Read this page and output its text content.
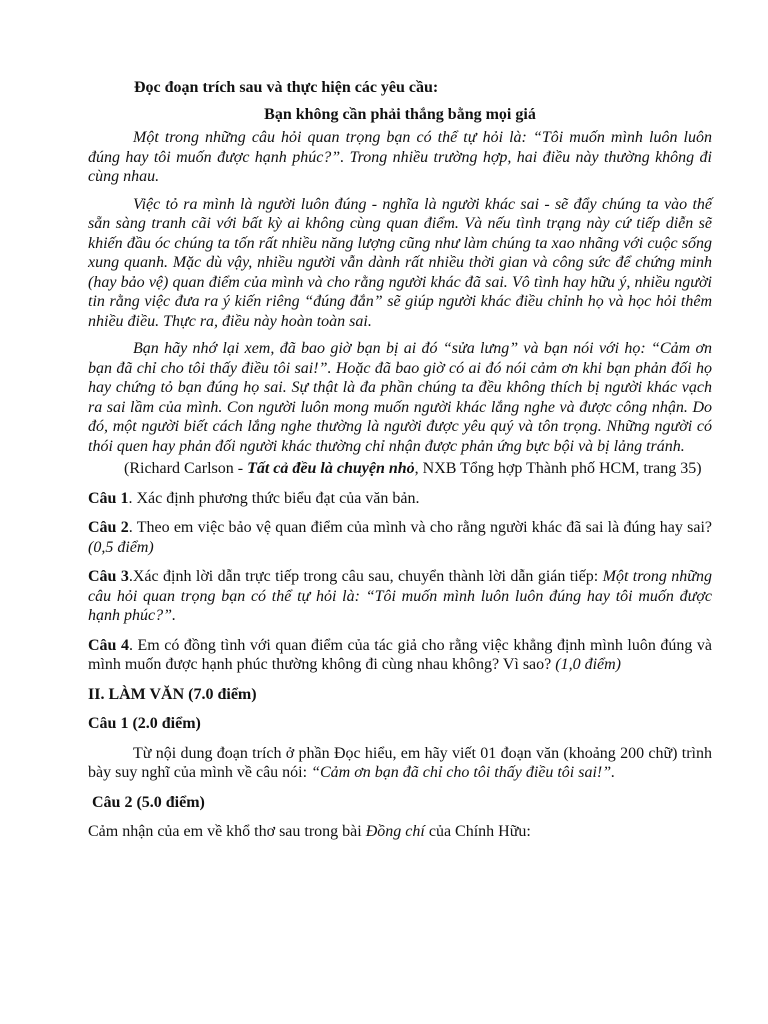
Đọc đoạn trích sau và thực hiện các yêu cầu:

Bạn không cần phải thắng bằng mọi giá

Một trong những câu hỏi quan trọng bạn có thể tự hỏi là: “Tôi muốn mình luôn luôn đúng hay tôi muốn được hạnh phúc?”. Trong nhiều trường hợp, hai điều này thường không đi cùng nhau.

Việc tỏ ra mình là người luôn đúng - nghĩa là người khác sai - sẽ đẩy chúng ta vào thế sẵn sàng tranh cãi với bất kỳ ai không cùng quan điểm. Và nếu tình trạng này cứ tiếp diễn sẽ khiến đầu óc chúng ta tốn rất nhiều năng lượng cũng như làm chúng ta xao nhãng với cuộc sống xung quanh. Mặc dù vậy, nhiều người vẫn dành rất nhiều thời gian và công sức để chứng minh (hay bảo vệ) quan điểm của mình và cho rằng người khác đã sai. Vô tình hay hữu ý, nhiều người tin rằng việc đưa ra ý kiến riêng “đúng đắn” sẽ giúp người khác điều chỉnh họ và học hỏi thêm nhiều điều. Thực ra, điều này hoàn toàn sai.

Bạn hãy nhớ lại xem, đã bao giờ bạn bị ai đó “sửa lưng” và bạn nói với họ: “Cảm ơn bạn đã chỉ cho tôi thấy điều tôi sai!”. Hoặc đã bao giờ có ai đó nói cảm ơn khi bạn phản đối họ hay chứng tỏ bạn đúng họ sai. Sự thật là đa phần chúng ta đều không thích bị người khác vạch ra sai lầm của mình. Con người luôn mong muốn người khác lắng nghe và được công nhận. Do đó, một người biết cách lắng nghe thường là người được yêu quý và tôn trọng. Những người có thói quen hay phản đối người khác thường chỉ nhận được phản ứng bực bội và bị lảng tránh.

(Richard Carlson - Tất cả đều là chuyện nhỏ, NXB Tổng hợp Thành phố HCM, trang 35)

Câu 1. Xác định phương thức biểu đạt của văn bản.

Câu 2. Theo em việc bảo vệ quan điểm của mình và cho rằng người khác đã sai là đúng hay sai? (0,5 điểm)

Câu 3.Xác định lời dẫn trực tiếp trong câu sau, chuyển thành lời dẫn gián tiếp: Một trong những câu hỏi quan trọng bạn có thể tự hỏi là: “Tôi muốn mình luôn luôn đúng hay tôi muốn được hạnh phúc?”.

Câu 4. Em có đồng tình với quan điểm của tác giả cho rằng việc khẳng định mình luôn đúng và mình muốn được hạnh phúc thường không đi cùng nhau không? Vì sao? (1,0 điểm)

II. LÀM VĂN (7.0 điểm)

Câu 1 (2.0 điểm)

Từ nội dung đoạn trích ở phần Đọc hiểu, em hãy viết 01 đoạn văn (khoảng 200 chữ) trình bày suy nghĩ của mình về câu nói: “Cảm ơn bạn đã chỉ cho tôi thấy điều tôi sai!”.

Câu 2 (5.0 điểm)

Cảm nhận của em về khổ thơ sau trong bài Đồng chí của Chính Hữu:
